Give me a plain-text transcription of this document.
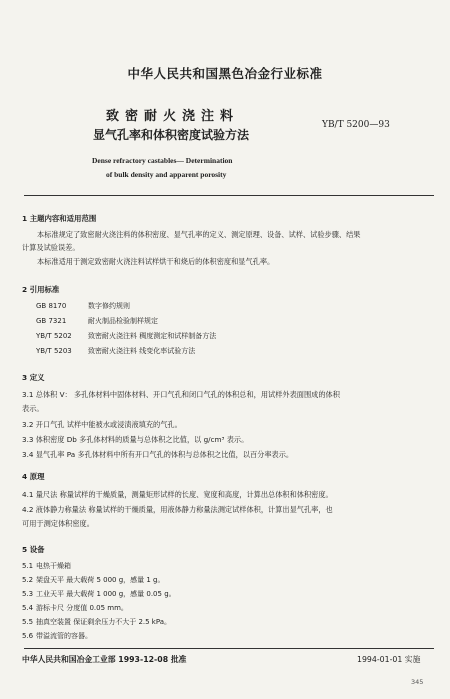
中华人民共和国黑色冶金行业标准
致密耐火浇注料
显气孔率和体积密度试验方法
YB/T 5200—93
Dense refractory castables— Determination
of bulk density and apparent porosity
1 主题内容和适用范围
本标准规定了致密耐火浇注料的体积密度、显气孔率的定义、测定原理、设备、试样、试验步骤、结果
计算及试验误差。
本标准适用于测定致密耐火浇注料试样烘干和烧后的体积密度和显气孔率。
2 引用标准
GB 8170	数字修约规则
GB 7321	耐火制品检验制样规定
YB/T 5202 致密耐火浇注料 稠度测定和试样制备方法
YB/T 5203 致密耐火浇注料 线变化率试验方法
3 定义
3.1 总体积 V： 多孔体材料中固体材料、开口气孔和闭口气孔的体积总和，用试样外表面围成的体积
表示。
3.2 开口气孔 试样中能被水或浸渍液填充的气孔。
3.3 体积密度 Db 多孔体材料的质量与总体积之比值，以 g/cm³ 表示。
3.4 显气孔率 Pa 多孔体材料中所有开口气孔的体积与总体积之比值，以百分率表示。
4 原理
4.1 量尺法 称量试样的干燥质量，测量矩形试样的长度、宽度和高度，计算出总体积和体积密度。
4.2 液体静力称量法 称量试样的干燥质量，用液体静力称量法测定试样体积，计算出显气孔率，也
可用于测定体积密度。
5 设备
5.1 电热干燥箱
5.2 架盘天平 最大载荷 5 000 g，感量 1 g。
5.3 工业天平 最大载荷 1 000 g，感量 0.05 g。
5.4 游标卡尺 分度值 0.05 mm。
5.5 抽真空装置 保证剩余压力不大于 2.5 kPa。
5.6 带溢流管的容器。
中华人民共和国冶金工业部 1993-12-08 批准	1994-01-01 实施
345
